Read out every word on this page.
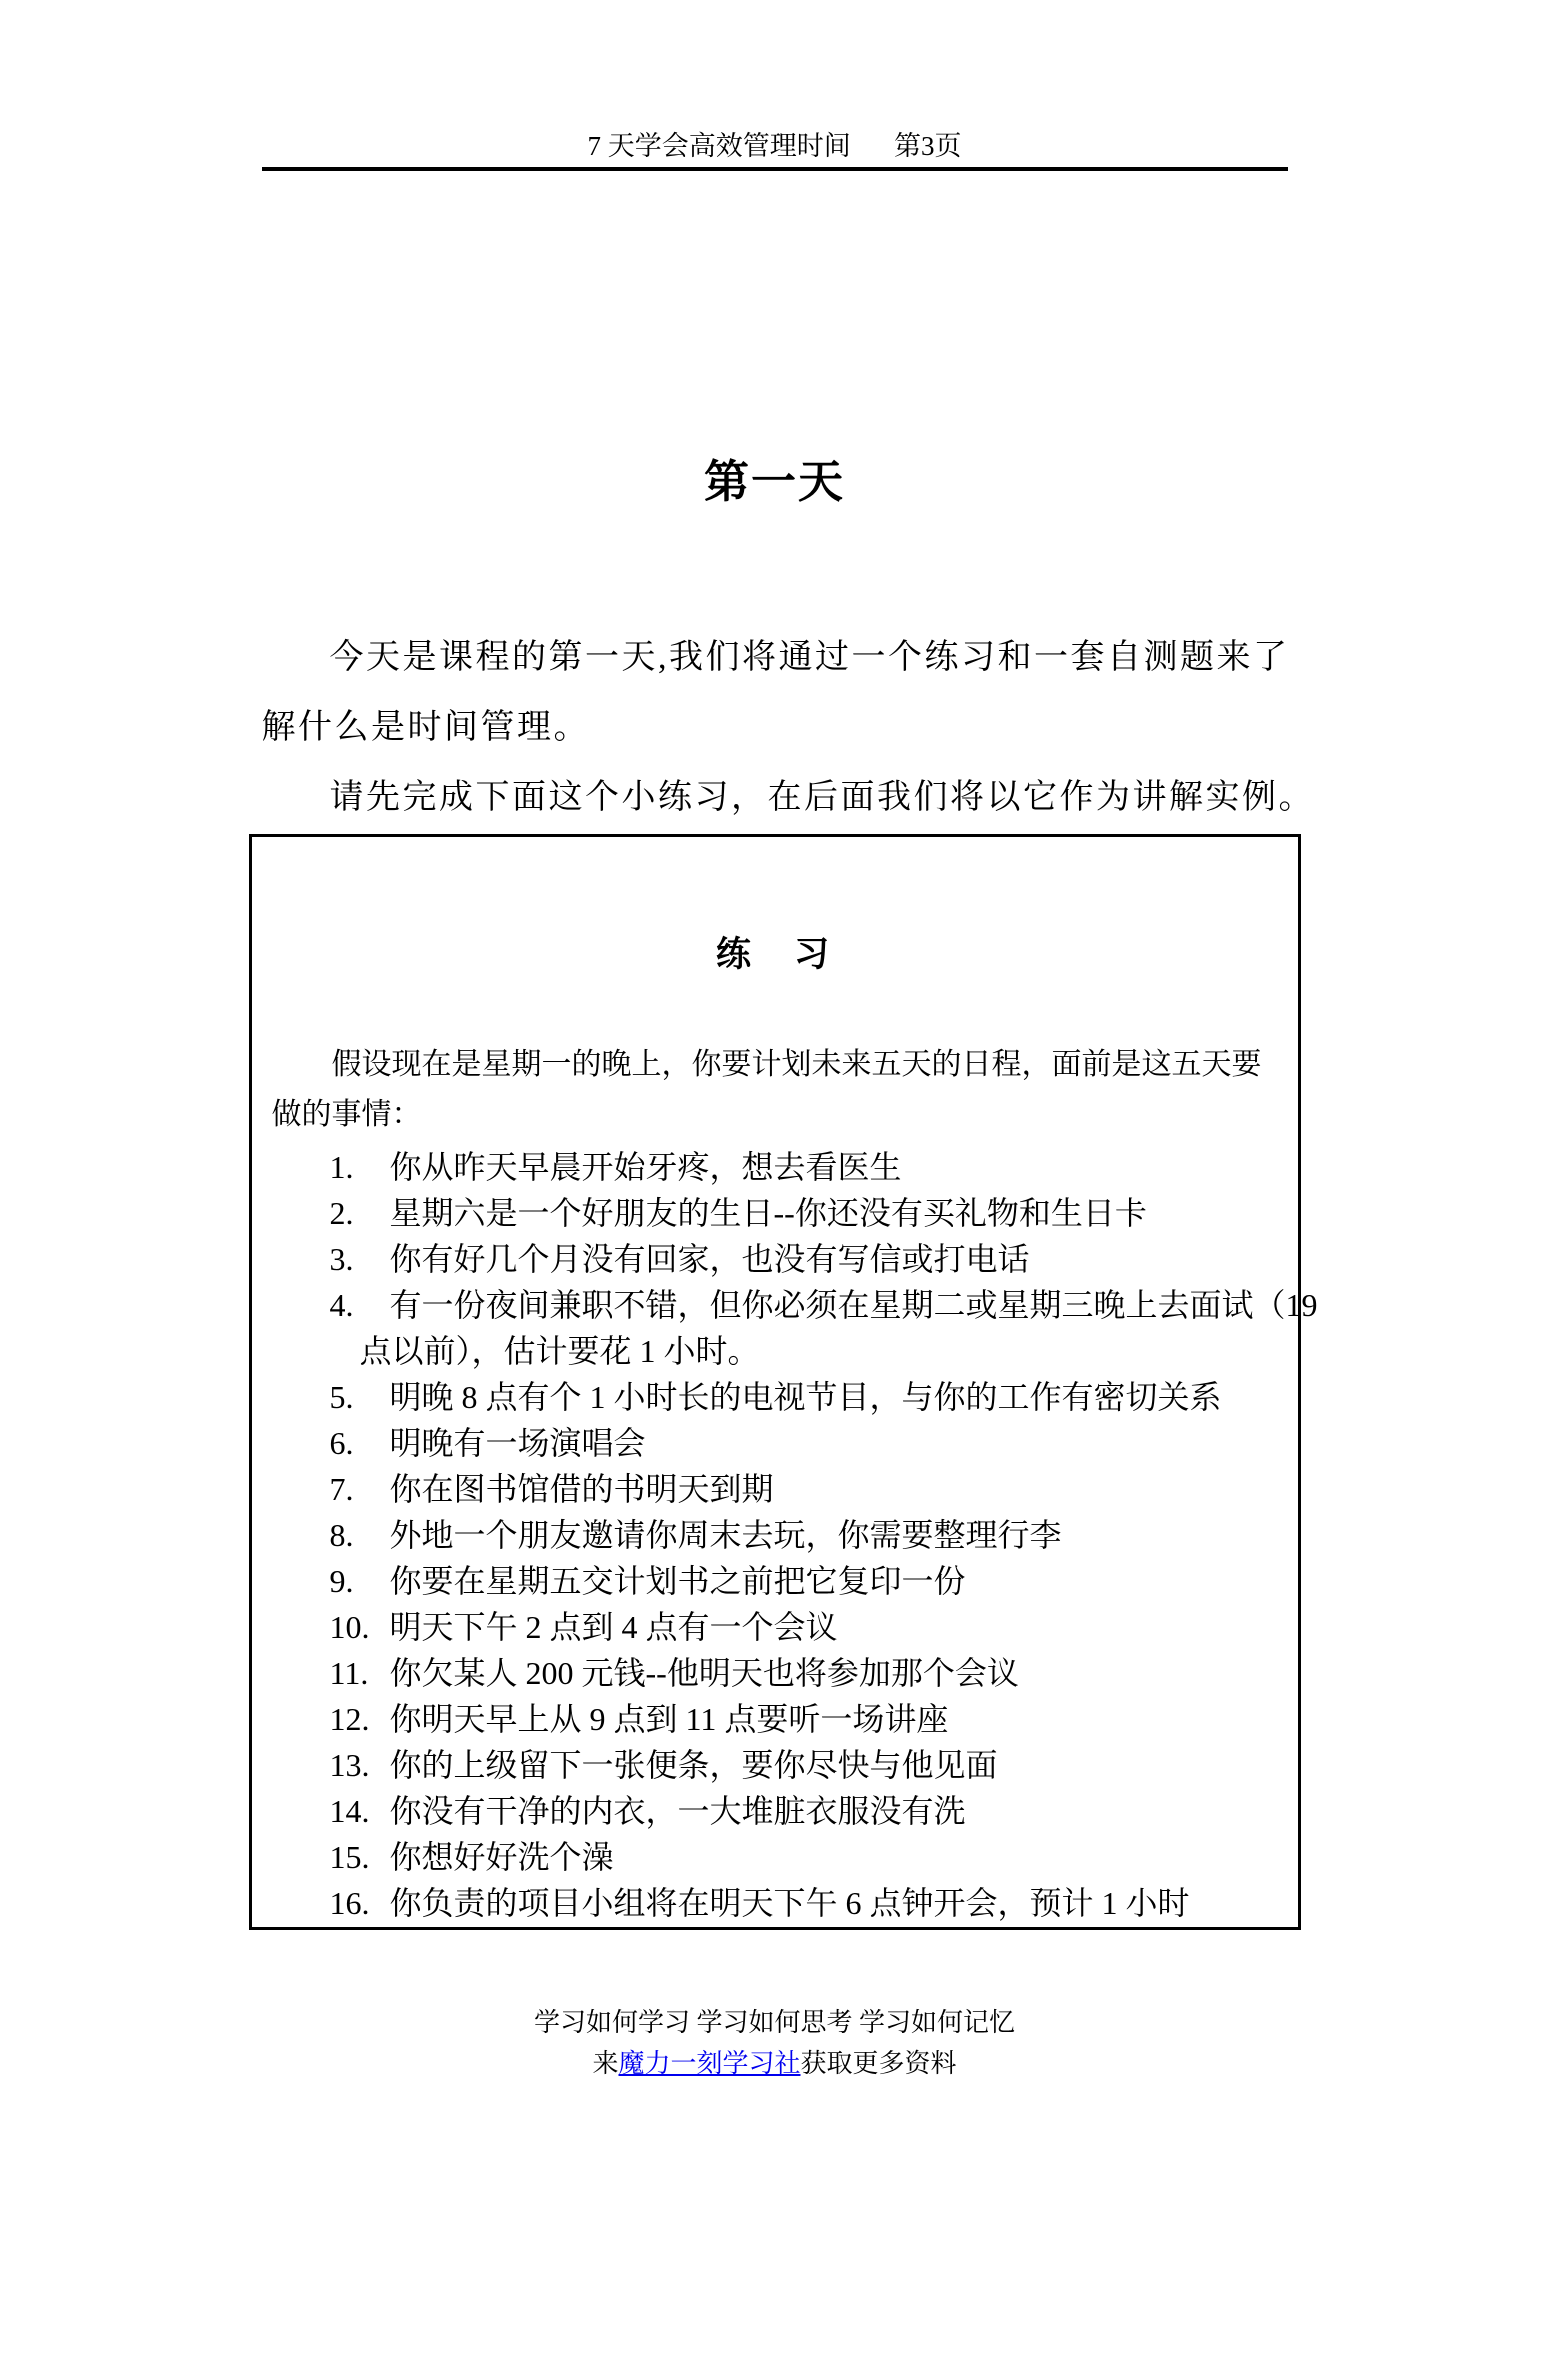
7 天学会高效管理时间 第3页
第一天
今天是课程的第一天,我们将通过一个练习和一套自测题来了
解什么是时间管理。
请先完成下面这个小练习，在后面我们将以它作为讲解实例。
练　习
假设现在是星期一的晚上，你要计划未来五天的日程，面前是这五天要
做的事情：
1.	你从昨天早晨开始牙疼，想去看医生
2.	星期六是一个好朋友的生日--你还没有买礼物和生日卡
3.	你有好几个月没有回家，也没有写信或打电话
4.	有一份夜间兼职不错，但你必须在星期二或星期三晚上去面试（19
点以前），估计要花 1 小时。
5.	明晚 8 点有个 1 小时长的电视节目，与你的工作有密切关系
6.	明晚有一场演唱会
7.	你在图书馆借的书明天到期
8.	外地一个朋友邀请你周末去玩，你需要整理行李
9.	你要在星期五交计划书之前把它复印一份
10. 明天下午 2 点到 4 点有一个会议
11. 你欠某人 200 元钱--他明天也将参加那个会议
12. 你明天早上从 9 点到 11 点要听一场讲座
13. 你的上级留下一张便条，要你尽快与他见面
14. 你没有干净的内衣，一大堆脏衣服没有洗
15. 你想好好洗个澡
16. 你负责的项目小组将在明天下午 6 点钟开会，预计 1 小时
学习如何学习 学习如何思考 学习如何记忆
来魔力一刻学习社获取更多资料
